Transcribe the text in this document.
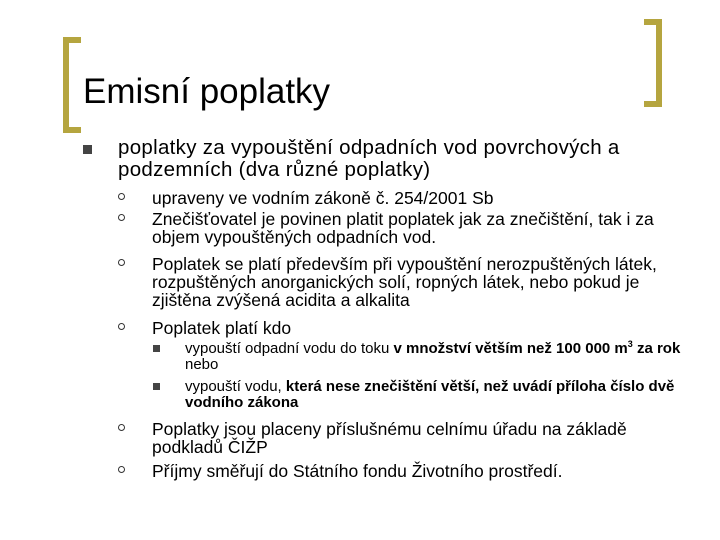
Emisní poplatky
poplatky za vypouštění odpadních vod povrchových a podzemních (dva různé poplatky)
upraveny ve vodním zákoně č. 254/2001 Sb
Znečišťovatel je povinen platit poplatek jak za znečištění, tak i za objem vypouštěných odpadních vod.
Poplatek se platí především při vypouštění nerozpuštěných látek, rozpuštěných anorganických solí, ropných látek, nebo pokud je zjištěna zvýšená acidita a alkalita
Poplatek platí kdo
vypouští odpadní vodu do toku v množství větším než 100 000 $m^3$ za rok nebo
vypouští vodu, která nese znečištění větší, než uvádí příloha číslo dvě vodního zákona
Poplatky jsou placeny příslušnému celnímu úřadu na základě podkladů ČIŽP
Příjmy směřují do Státního fondu Životního prostředí.
